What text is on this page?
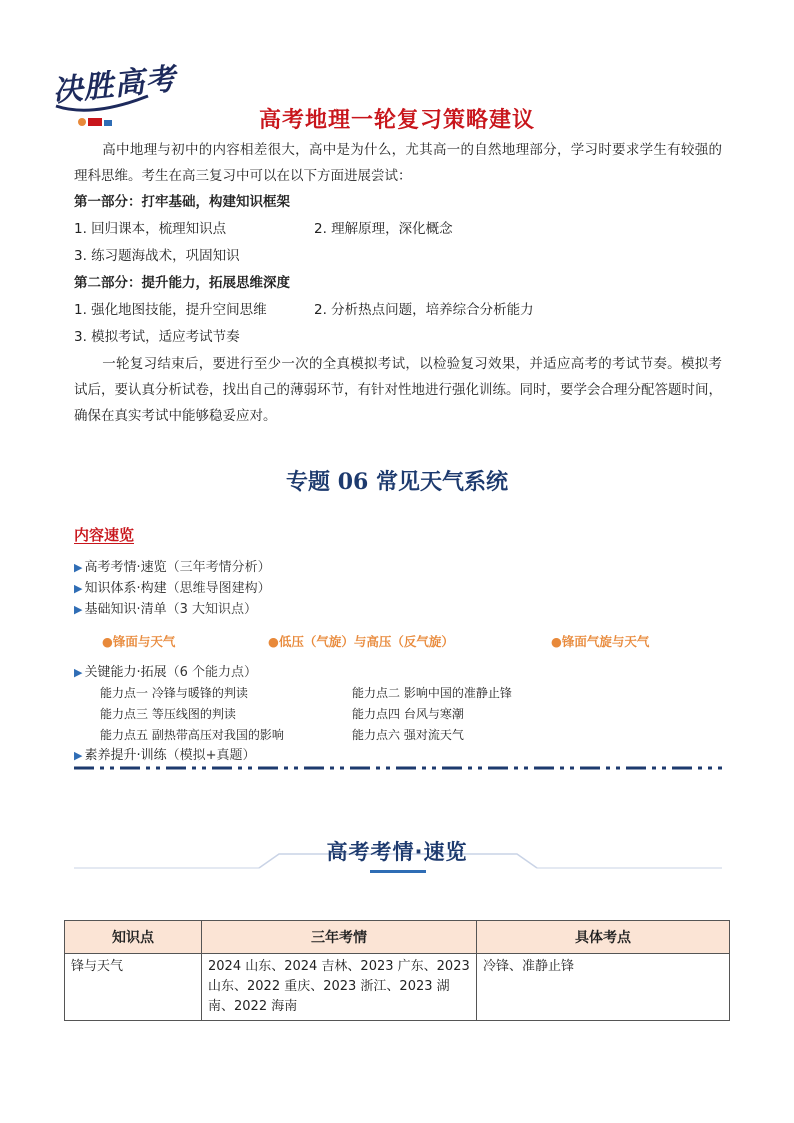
决胜高考
高考地理一轮复习策略建议
高中地理与初中的内容相差很大，高中是为什么，尤其高一的自然地理部分，学习时要求学生有较强的理科思维。考生在高三复习中可以在以下方面进展尝试：
第一部分：打牢基础，构建知识框架
1. 回归课本，梳理知识点	2. 理解原理，深化概念
3. 练习题海战术，巩固知识
第二部分：提升能力，拓展思维深度
1. 强化地图技能，提升空间思维	2. 分析热点问题，培养综合分析能力
3. 模拟考试，适应考试节奏
一轮复习结束后，要进行至少一次的全真模拟考试，以检验复习效果，并适应高考的考试节奏。模拟考试后，要认真分析试卷，找出自己的薄弱环节，有针对性地进行强化训练。同时，要学会合理分配答题时间，确保在真实考试中能够稳妥应对。
专题 06 常见天气系统
内容速览
▶ 高考考情·速览（三年考情分析）
▶ 知识体系·构建（思维导图建构）
▶ 基础知识·清单（3 大知识点）
●锋面与天气	●低压（气旋）与高压（反气旋）	●锋面气旋与天气
▶ 关键能力·拓展（6 个能力点）
能力点一 冷锋与暖锋的判读	能力点二 影响中国的准静止锋
能力点三 等压线图的判读	能力点四 台风与寒潮
能力点五 副热带高压对我国的影响	能力点六 强对流天气
▶ 素养提升·训练（模拟+真题）
高考考情·速览
知识点	三年考情	具体考点
锋与天气	2024 山东、2024 吉林、2023 广东、2023 山东、2022 重庆、2023 浙江、2023 湖南、2022 海南	冷锋、准静止锋
